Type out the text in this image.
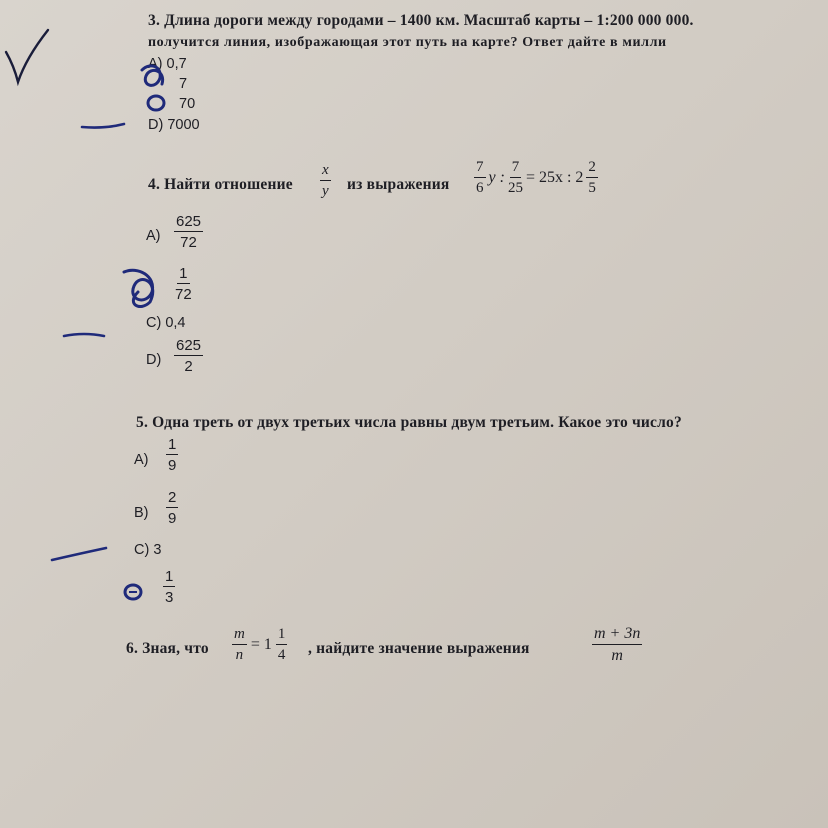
3. Длина дороги между городами – 1400 км. Масштаб карты – 1:200 000 000.
получится линия, изображающая этот путь на карте? Ответ дайте в милли
A) 0,7
7
70
D) 7000
4. Найти отношение $\frac{x}{y}$ из выражения $\frac{7}{6}$ y : $\frac{7}{25} = 25x$ : $2 \frac{2}{5}$
$A) \frac{625}{72}$
$\frac{1}{72}$
C) 0,4
$D) \frac{625}{2}$
5. Одна треть от двух третьих числа равны двум третьим. Какое это число?
$A) \frac{1}{9}$
$B) \frac{2}{9}$
C) 3
$\frac{1}{3}$
6. Зная, что $\frac{m}{n} = 1 \frac{1}{4}$ , найдите значение выражения	$\frac{m + 3n}{m}$
